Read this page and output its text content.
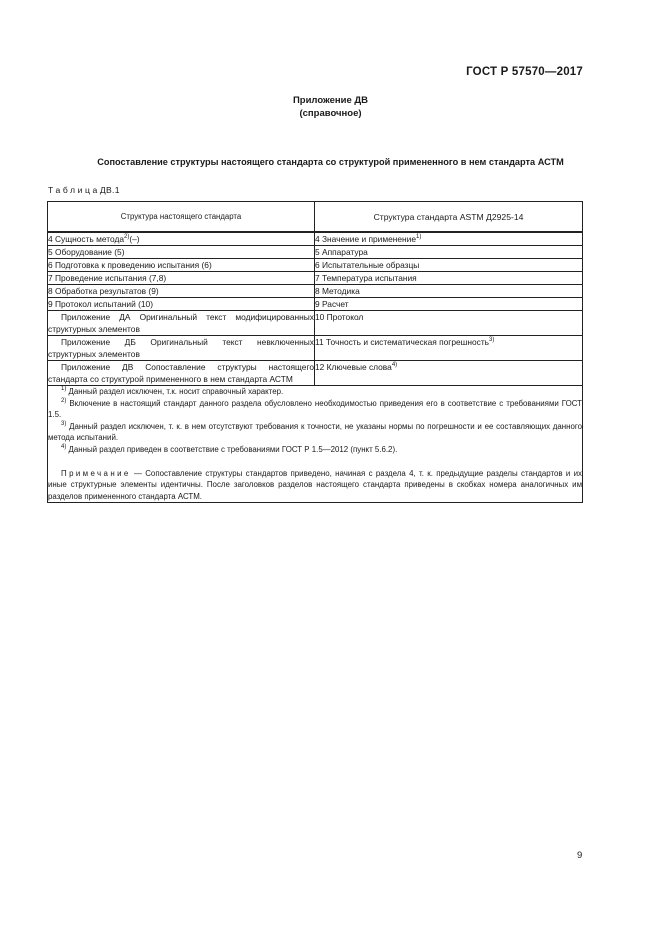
ГОСТ Р 57570—2017
Приложение ДВ
(справочное)
Сопоставление структуры настоящего стандарта со структурой примененного в нем стандарта АСТМ
ТаблицаДВ.1
Структура настоящего стандарта	Структура стандарта ASTM Д2925-14
4 Сущность метода$^{2)}$(–)	4 Значение и применение$^{1)}$
5 Оборудование (5)	5 Аппаратура
6 Подготовка к проведению испытания (6)	6 Испытательные образцы
7 Проведение испытания (7,8)	7 Температура испытания
8 Обработка результатов (9)	8 Методика
9 Протокол испытаний (10)	9 Расчет
Приложение ДА Оригинальный текст модифицированных структурных элементов	10 Протокол
Приложение ДБ Оригинальный текст невключенных структурных элементов	11 Точность и систематическая погрешность$^{3)}$
Приложение ДВ Сопоставление структуры настоящего стандарта со структурой примененного в нем стандарта АСТМ	12 Ключевые слова$^{4)}$

$^{1)}$ Данный раздел исключен, т.к. носит справочный характер.

$^{2)}$ Включение в настоящий стандарт данного раздела обусловлено необходимостью приведения его в соответствие с требованиями ГОСТ 1.5.

$^{3)}$ Данный раздел исключен, т. к. в нем отсутствуют требования к точности, не указаны нормы по погрешности и ее составляющих данного метода испытаний.

$^{4)}$ Данный раздел приведен в соответствие с требованиями ГОСТ Р 1.5—2012 (пункт 5.6.2).

Примечание — Сопоставление структуры стандартов приведено, начиная с раздела 4, т. к. предыдущие разделы стандартов и их иные структурные элементы идентичны. После заголовков разделов настоящего стандарта приведены в скобках номера аналогичных им разделов примененного стандарта АСТМ.	

9
